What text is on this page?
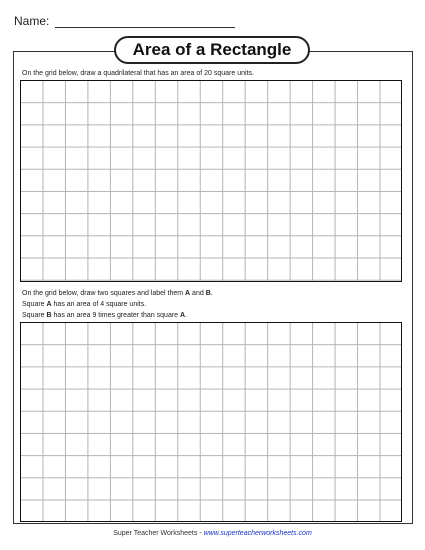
Name:
Area of a Rectangle
On the grid below, draw a quadrilateral that has an area of 20 square units.
On the grid below, draw two squares and label them A and B.
Square A has an area of 4 square units.
Square B has an area 9 times greater than square A.
Super Teacher Worksheets - www.superteacherworksheets.com
